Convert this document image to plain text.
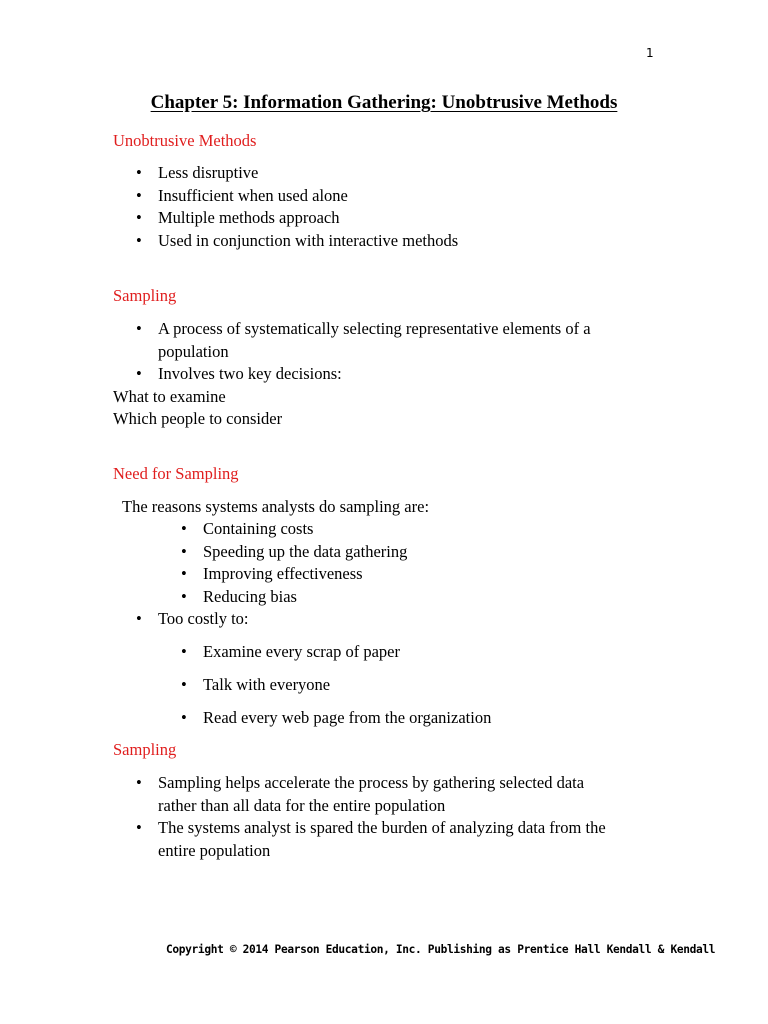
1
Chapter 5: Information Gathering: Unobtrusive Methods
Unobtrusive Methods
• Less disruptive
• Insufficient when used alone
• Multiple methods approach
• Used in conjunction with interactive methods
Sampling
• A process of systematically selecting representative elements of a population
• Involves two key decisions:
What to examine
Which people to consider
Need for Sampling
The reasons systems analysts do sampling are:
• Containing costs
• Speeding up the data gathering
• Improving effectiveness
• Reducing bias
• Too costly to:
• Examine every scrap of paper
• Talk with everyone
• Read every web page from the organization
Sampling
• Sampling helps accelerate the process by gathering selected data rather than all data for the entire population
• The systems analyst is spared the burden of analyzing data from the entire population
Copyright © 2014 Pearson Education, Inc. Publishing as Prentice Hall Kendall & Kendall
